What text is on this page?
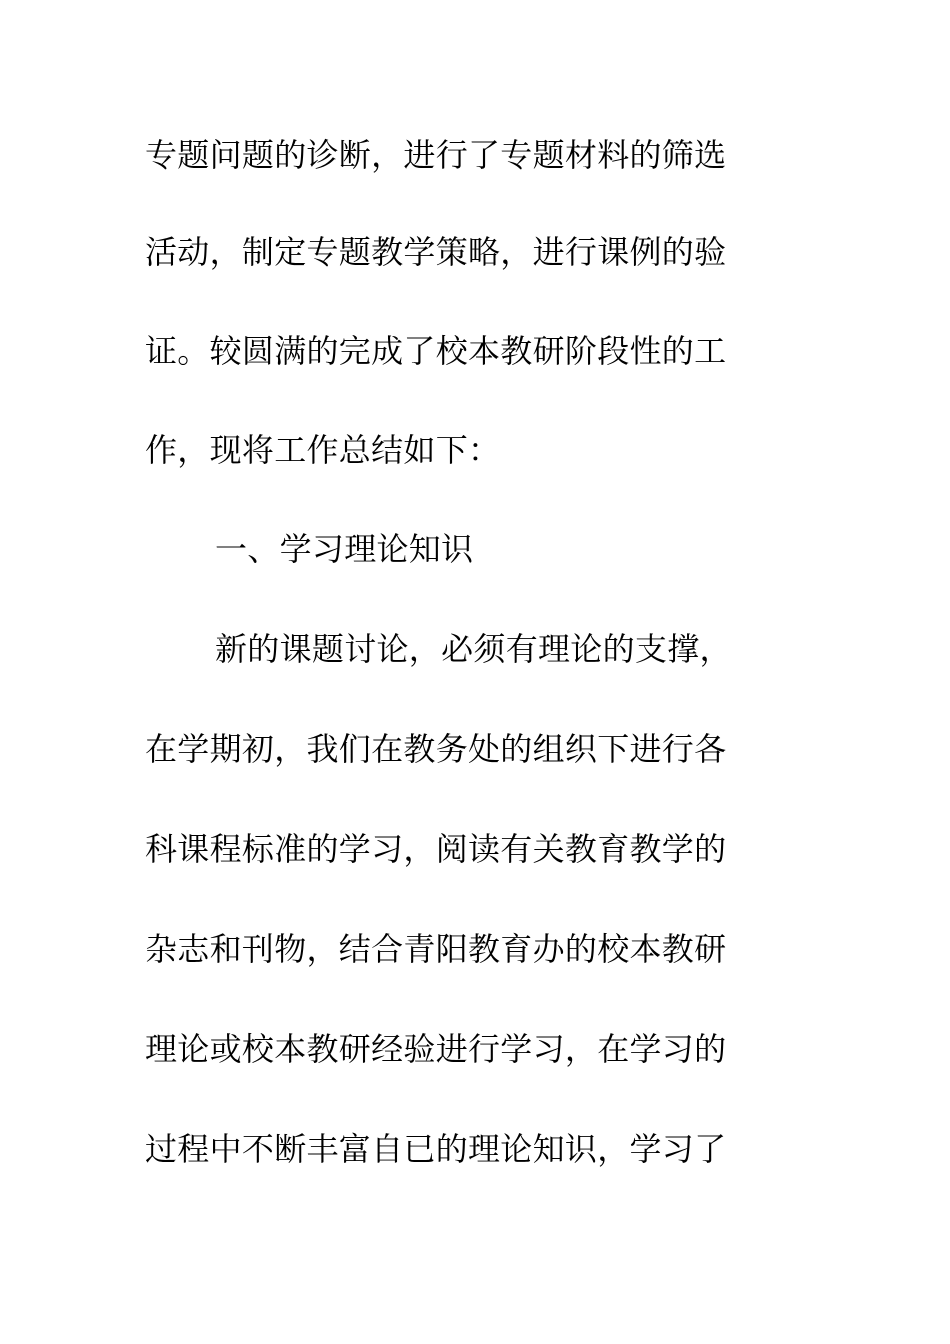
专题问题的诊断，进行了专题材料的筛选
活动，制定专题教学策略，进行课例的验
证。较圆满的完成了校本教研阶段性的工
作，现将工作总结如下：
一、学习理论知识
新的课题讨论，必须有理论的支撑，
在学期初，我们在教务处的组织下进行各
科课程标准的学习，阅读有关教育教学的
杂志和刊物，结合青阳教育办的校本教研
理论或校本教研经验进行学习，在学习的
过程中不断丰富自已的理论知识，学习了
